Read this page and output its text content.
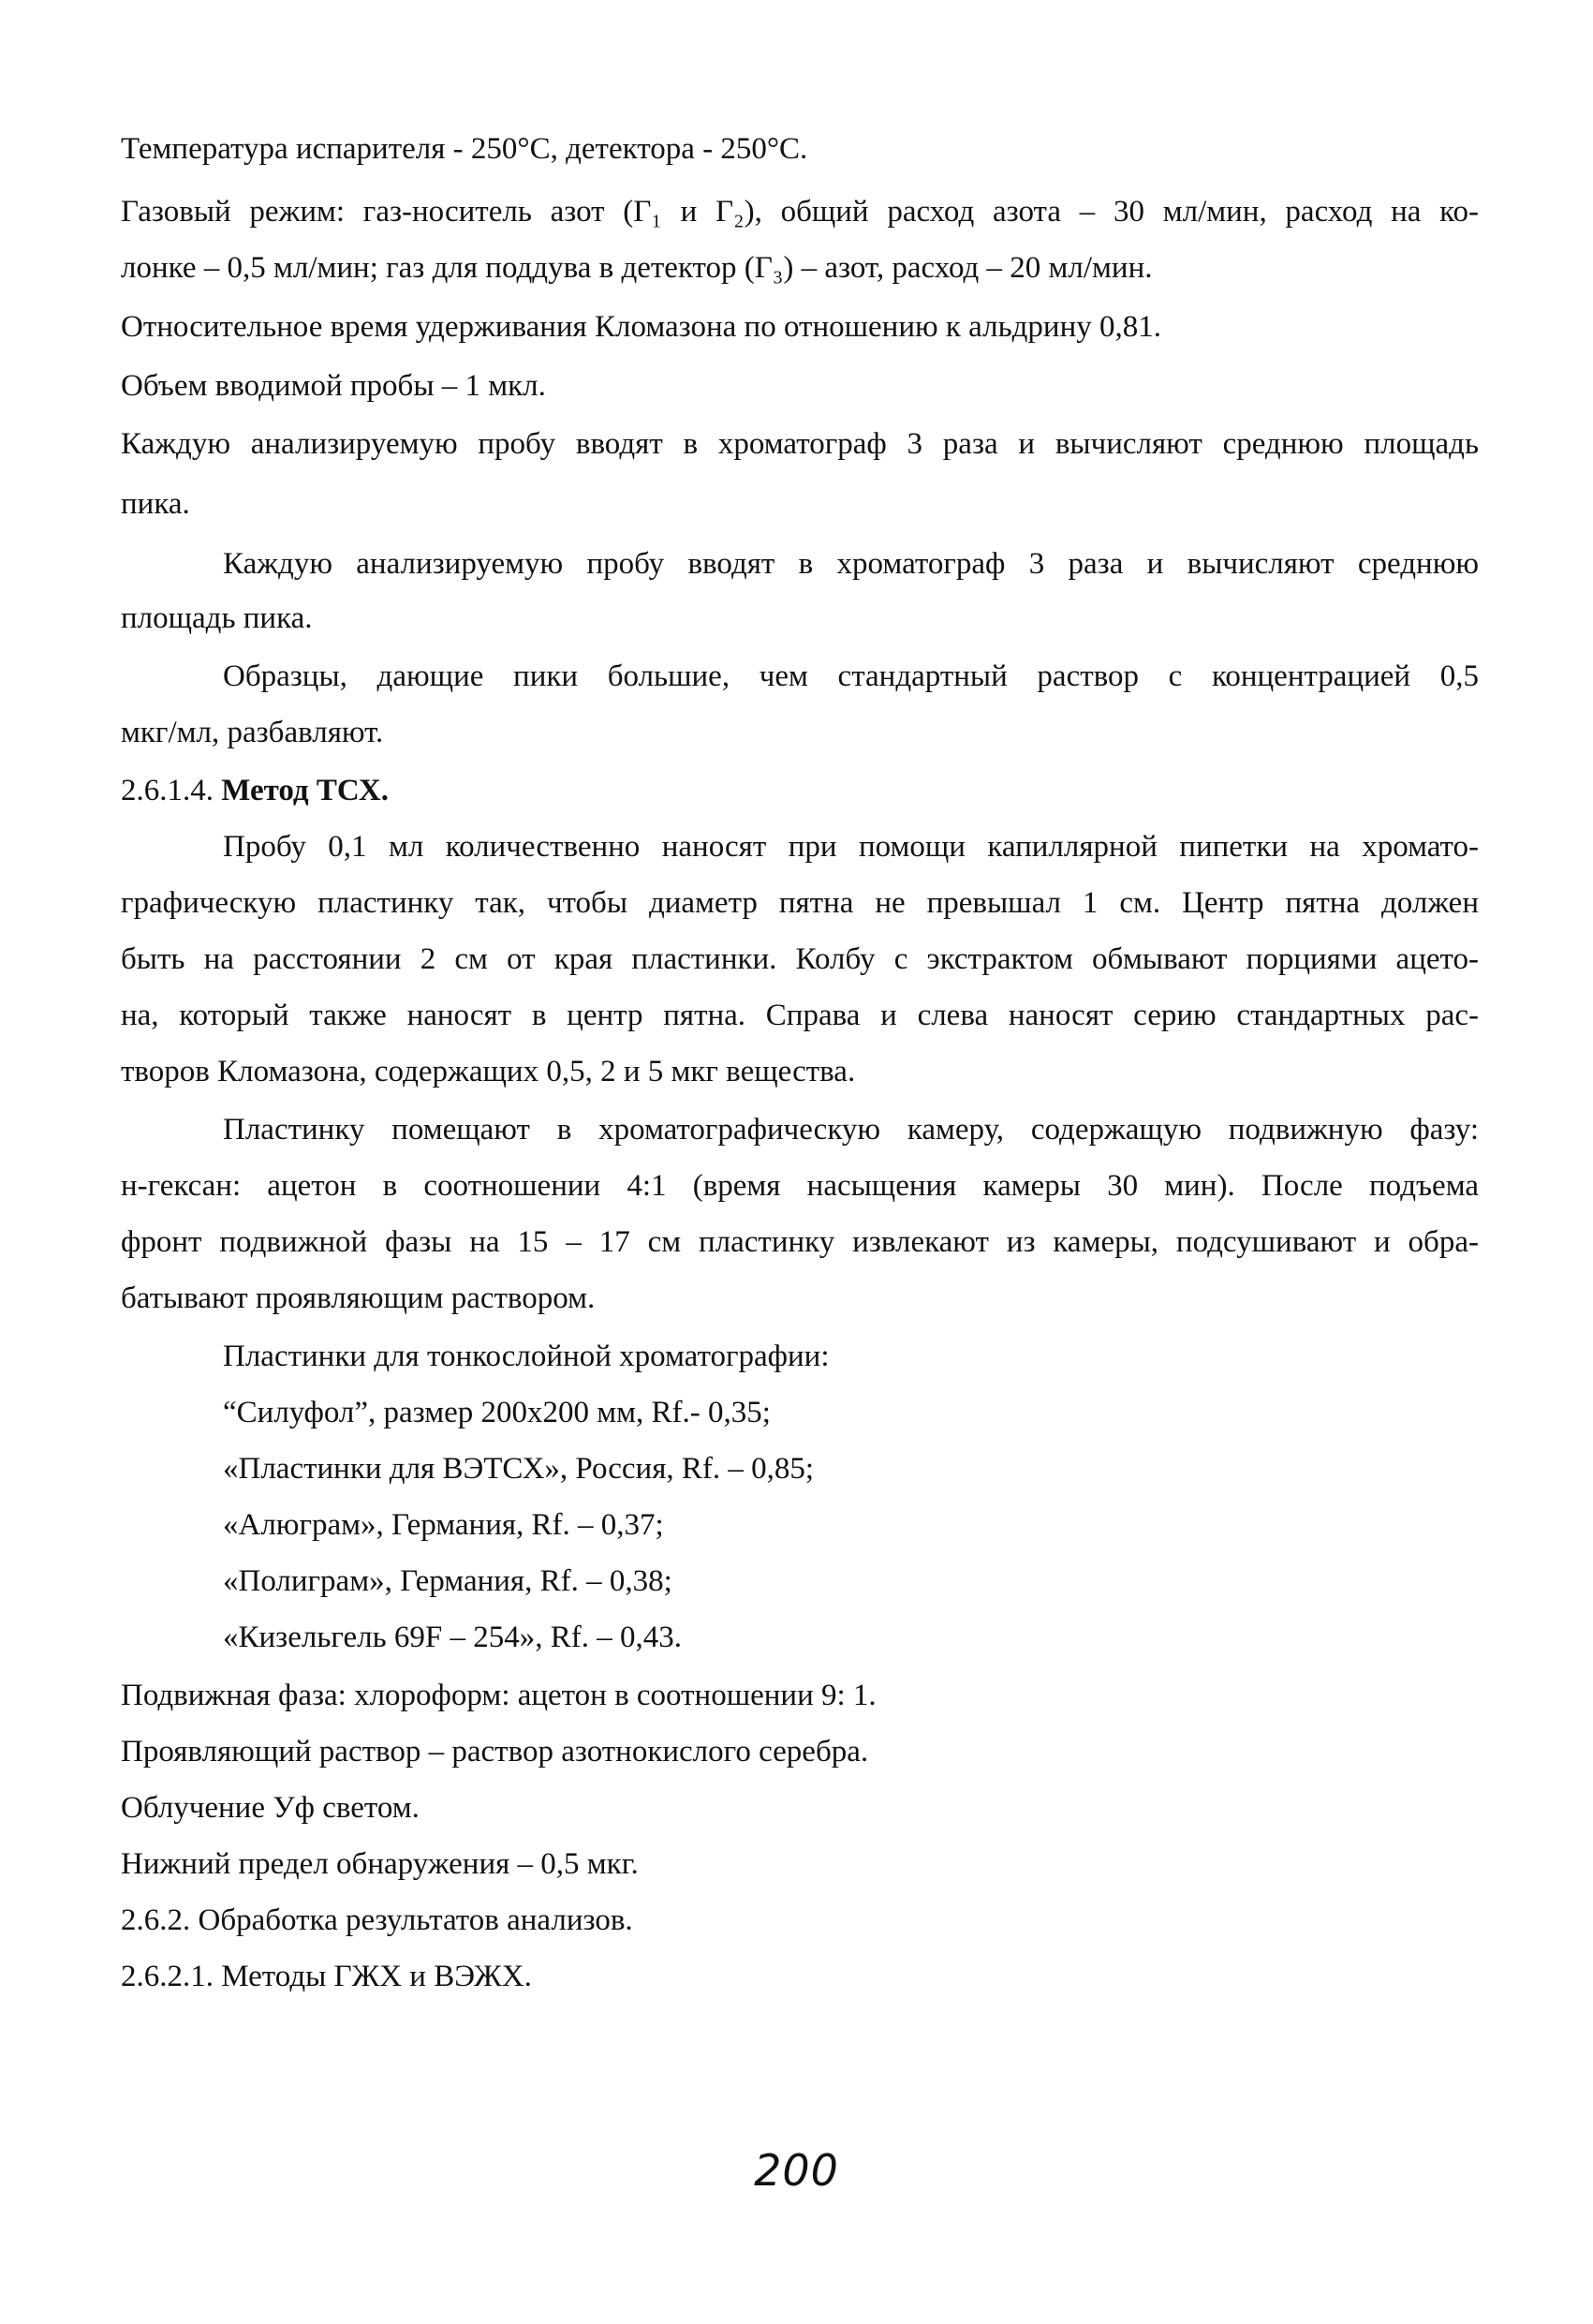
Температура испарителя - 250°С, детектора - 250°С.

Газовый режим: газ-носитель азот (Г₁ и Г₂), общий расход азота – 30 мл/мин, расход на ко-

лонке – 0,5 мл/мин; газ для поддува в детектор (Г₃) – азот, расход – 20 мл/мин.

Относительное время удерживания Кломазона по отношению к альдрину 0,81.

Объем вводимой пробы – 1 мкл.

Каждую анализируемую пробу вводят в хроматограф 3 раза и вычисляют среднюю площадь

пика.

Каждую анализируемую пробу вводят в хроматограф 3 раза и вычисляют среднюю

площадь пика.

Образцы, дающие пики большие, чем стандартный раствор с концентрацией 0,5

мкг/мл, разбавляют.

2.6.1.4. Метод ТСХ.

Пробу 0,1 мл количественно наносят при помощи капиллярной пипетки на хромато-

графическую пластинку так, чтобы диаметр пятна не превышал 1 см. Центр пятна должен

быть на расстоянии 2 см от края пластинки. Колбу с экстрактом обмывают порциями ацето-

на, который также наносят в центр пятна. Справа и слева наносят серию стандартных рас-

творов Кломазона, содержащих 0,5, 2 и 5 мкг вещества.

Пластинку помещают в хроматографическую камеру, содержащую подвижную фазу:

н-гексан: ацетон в соотношении 4:1 (время насыщения камеры 30 мин). После подъема

фронт подвижной фазы на 15 – 17 см пластинку извлекают из камеры, подсушивают и обра-

батывают проявляющим раствором.

Пластинки для тонкослойной хроматографии:

“Силуфол”, размер 200х200 мм, Rf.- 0,35;

«Пластинки для ВЭТСХ», Россия, Rf. – 0,85;

«Алюграм», Германия, Rf. – 0,37;

«Полиграм», Германия, Rf. – 0,38;

«Кизельгель 69F – 254», Rf. – 0,43.

Подвижная фаза: хлороформ: ацетон в соотношении 9: 1.

Проявляющий раствор – раствор азотнокислого серебра.

Облучение Уф светом.

Нижний предел обнаружения – 0,5 мкг.

2.6.2. Обработка результатов анализов.

2.6.2.1. Методы ГЖХ и ВЭЖХ.

200
